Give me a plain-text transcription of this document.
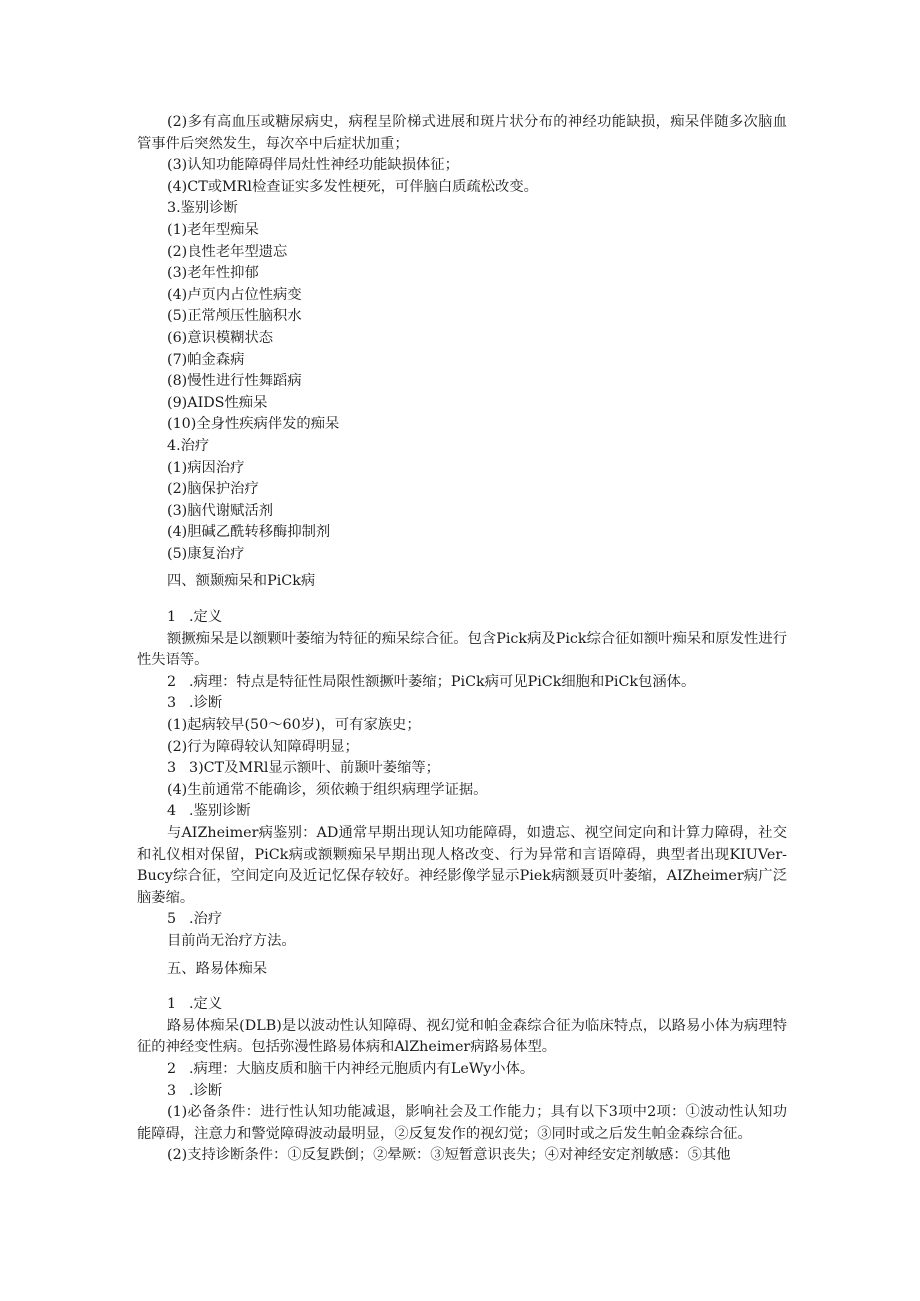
(2)多有高血压或糖尿病史，病程呈阶梯式进展和斑片状分布的神经功能缺损，痴呆伴随多次脑血管事件后突然发生，每次卒中后症状加重；

(3)认知功能障碍伴局灶性神经功能缺损体征；

(4)CT或MRl检查证实多发性梗死，可伴脑白质疏松改变。

3.鉴别诊断

(1)老年型痴呆

(2)良性老年型遗忘

(3)老年性抑郁

(4)卢页内占位性病变

(5)正常颅压性脑积水

(6)意识模糊状态

(7)帕金森病

(8)慢性进行性舞蹈病

(9)AIDS性痴呆

(10)全身性疾病伴发的痴呆

4.治疗

(1)病因治疗

(2)脑保护治疗

(3)脑代谢赋活剂

(4)胆碱乙酰转移酶抑制剂

(5)康复治疗

四、额颞痴呆和PiCk病

1 .定义

额撅痴呆是以额颗叶萎缩为特征的痴呆综合征。包含Pick病及Pick综合征如额叶痴呆和原发性进行性失语等。

2 .病理：特点是特征性局限性额撅叶萎缩；PiCk病可见PiCk细胞和PiCk包涵体。

3 .诊断

(1)起病较早(50～60岁)，可有家族史；

(2)行为障碍较认知障碍明显；

3 3)CT及MRl显示额叶、前颞叶萎缩等；

(4)生前通常不能确诊，须依赖于组织病理学证据。

4 .鉴别诊断

与AIZheimer病鉴别：AD通常早期出现认知功能障碍，如遗忘、视空间定向和计算力障碍，社交和礼仪相对保留，PiCk病或额颗痴呆早期出现人格改变、行为异常和言语障碍，典型者出现KIUVer-Bucy综合征，空间定向及近记忆保存较好。神经影像学显示Piek病额聂页叶萎缩，AIZheimer病广泛脑萎缩。

5 .治疗

目前尚无治疗方法。

五、路易体痴呆

1 .定义

路易体痴呆(DLB)是以波动性认知障碍、视幻觉和帕金森综合征为临床特点，以路易小体为病理特征的神经变性病。包括弥漫性路易体病和AlZheimer病路易体型。

2 .病理：大脑皮质和脑干内神经元胞质内有LeWy小体。

3 .诊断

(1)必备条件：进行性认知功能减退，影响社会及工作能力；具有以下3项中2项：①波动性认知功能障碍，注意力和警觉障碍波动最明显，②反复发作的视幻觉；③同时或之后发生帕金森综合征。

(2)支持诊断条件：①反复跌倒；②晕厥：③短暂意识丧失；④对神经安定剂敏感：⑤其他
